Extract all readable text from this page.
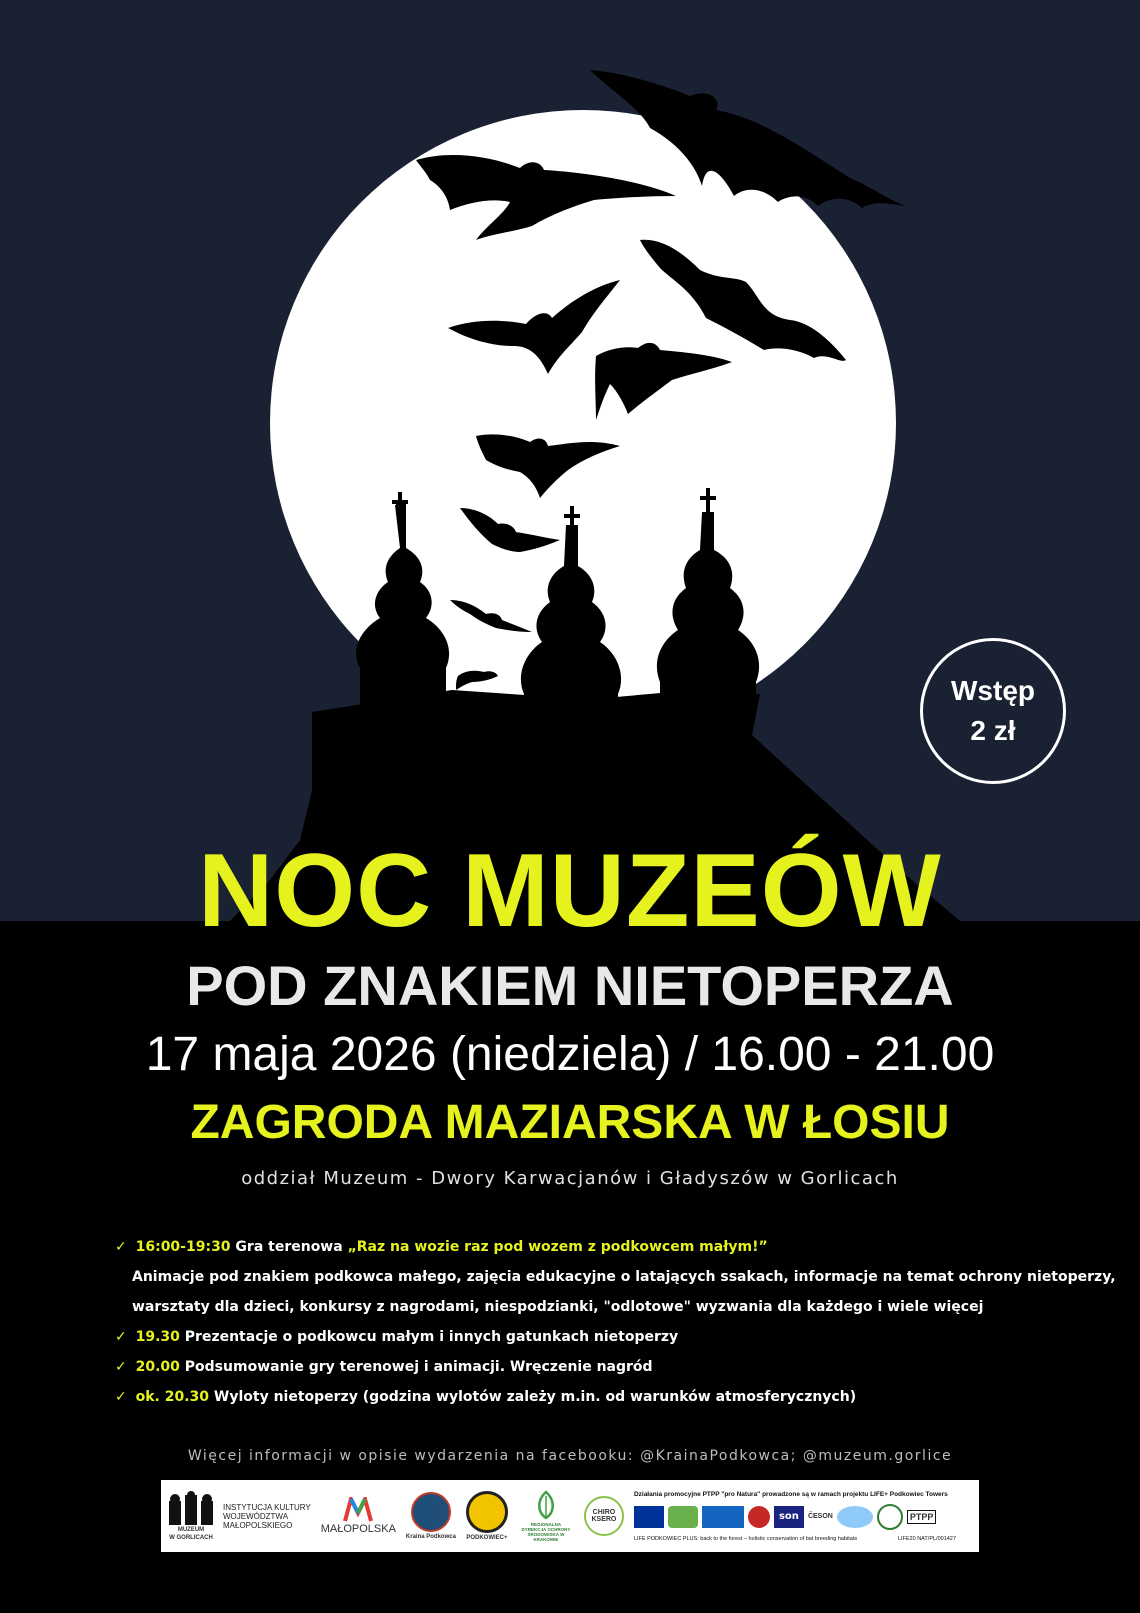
Wstęp
2 zł
NOC MUZEÓW
POD ZNAKIEM NIETOPERZA
17 maja 2026 (niedziela) / 16.00 - 21.00
ZAGRODA MAZIARSKA W ŁOSIU
oddział Muzeum - Dwory Karwacjanów i Gładyszów w Gorlicach
✓ 16:00-19:30 Gra terenowa „Raz na wozie raz pod wozem z podkowcem małym!”
Animacje pod znakiem podkowca małego, zajęcia edukacyjne o latających ssakach, informacje na temat ochrony nietoperzy,
warsztaty dla dzieci, konkursy z nagrodami, niespodzianki, "odlotowe" wyzwania dla każdego i wiele więcej
✓ 19.30 Prezentacje o podkowcu małym i innych gatunkach nietoperzy
✓ 20.00 Podsumowanie gry terenowej i animacji. Wręczenie nagród
✓ ok. 20.30 Wyloty nietoperzy (godzina wylotów zależy m.in. od warunków atmosferycznych)
Więcej informacji w opisie wydarzenia na facebooku: @KrainaPodkowca; @muzeum.gorlice
MUZEUM
W GORLICACH
INSTYTUCJA KULTURY
WOJEWÓDZTWA
MAŁOPOLSKIEGO	MAŁOPOLSKA
Kraina Podkowca PODKOWIEC+
REGIONALNA DYREKCJA OCHRONY ŚRODOWISKA W KRAKOWIE
CHIRO KSERO
Działania promocyjne PTPP "pro Natura" prowadzone są w ramach projektu LIFE+ Podkowiec Towers
son	ČESON	PTPP
LIFE PODKOWIEC PLUS: back to the forest – holistic conservation of bat breeding habitats	LIFE20 NAT/PL/001427
